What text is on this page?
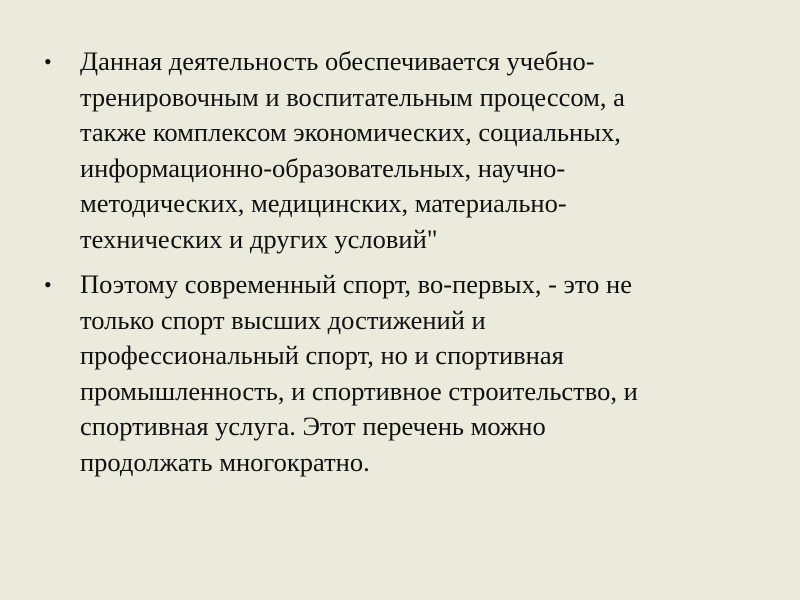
•	Данная деятельность обеспечивается учебно-
тренировочным и воспитательным процессом, а
также комплексом экономических, социальных,
информационно-образовательных, научно-
методических, медицинских, материально-
технических и других условий"
•	Поэтому современный спорт, во-первых, - это не
только спорт высших достижений и
профессиональный спорт, но и спортивная
промышленность, и спортивное строительство, и
спортивная услуга. Этот перечень можно
продолжать многократно.
